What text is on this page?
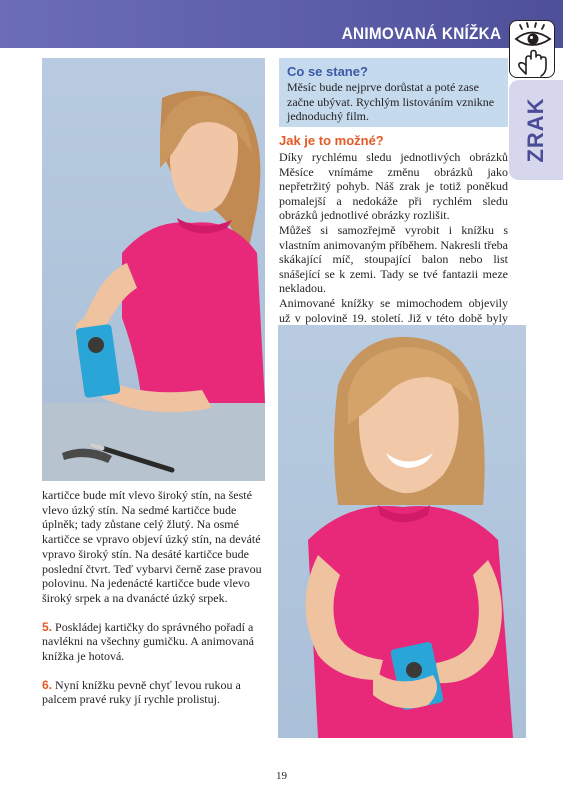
ANIMOVANÁ KNÍŽKA
ZRAK
Co se stane?

Měsíc bude nejprve dorůstat a poté zase začne ubývat. Rychlým listováním vznikne jednoduchý film.

Jak je to možné?

Díky rychlému sledu jednotlivých obrázků Měsíce vnímáme změnu obrázků jako nepřetržitý pohyb. Náš zrak je totiž poněkud pomalejší a nedokáže při rychlém sledu obrázků jednotlivé obrázky rozlišit.

Můžeš si samozřejmě vyrobit i knížku s vlastním animovaným příběhem. Nakresli třeba skákající míč, stoupající balon nebo list snášející se k zemi. Tady se tvé fantazii meze nekladou.

Animované knížky se mimochodem objevily už v polovině 19. století. Již v této době byly

kartičce bude mít vlevo široký stín, na šesté vlevo úzký stín. Na sedmé kartičce bude úplněk; tady zůstane celý žlutý. Na osmé kartičce se vpravo objeví úzký stín, na deváté vpravo široký stín. Na desáté kartičce bude poslední čtvrt. Teď vybarvi černě zase pravou polovinu. Na jedenácté kartičce bude vlevo široký srpek a na dvanácté úzký srpek.

5. Poskládej kartičky do správného pořadí a navlékni na všechny gumičku. A animovaná knížka je hotová.

6. Nyní knížku pevně chyť levou rukou a palcem pravé ruky jí rychle prolistuj.

19
